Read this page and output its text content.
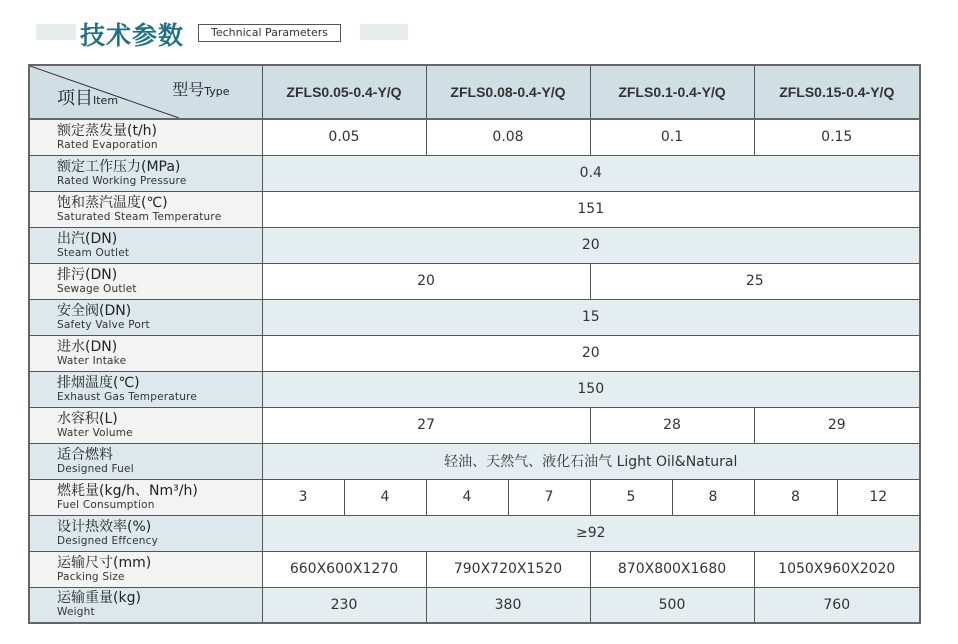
技术参数	Technical Parameters
项目Item
型号Type	ZFLS0.05-0.4-Y/Q		ZFLS0.08-0.4-Y/Q		ZFLS0.1-0.4-Y/Q		ZFLS0.15-0.4-Y/Q	

额定蒸发量(t/h)
Rated Evaporation	0.05		0.08		0.1		0.15	

额定工作压力(MPa)
Rated Working Pressure	0.4							

饱和蒸汽温度(℃)
Saturated Steam Temperature	151							

出汽(DN)
Steam Outlet	20							

排污(DN)
Sewage Outlet	20				25			

安全阀(DN)
Safety Valve Port	15							

进水(DN)
Water Intake	20							

排烟温度(℃)
Exhaust Gas Temperature	150							

水容积(L)
Water Volume	27				28		29	

适合燃料
Designed Fuel	轻油、天然气、液化石油气 Light Oil&Natural							

燃耗量(kg/h、Nm³/h)
Fuel Consumption	3	4	4	7	5	8	8	12

设计热效率(%)
Designed Effcency	≥92							

运输尺寸(mm)
Packing Size	660X600X1270		790X720X1520		870X800X1680		1050X960X2020	

运输重量(kg)
Weight	230		380		500		760	
